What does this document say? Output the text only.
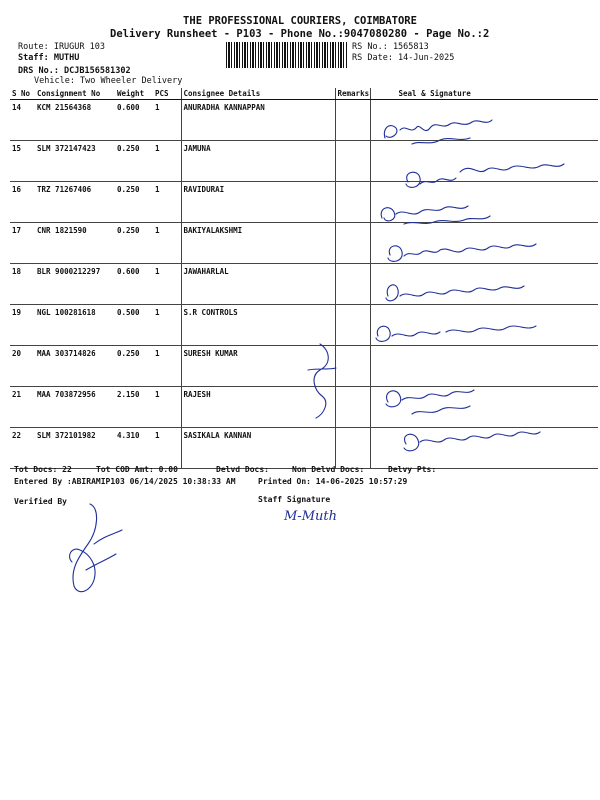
THE PROFESSIONAL COURIERS, COIMBATORE
Delivery Runsheet - P103 - Phone No.:9047080280 - Page No.:2
Route: IRUGUR 103
Staff: MUTHU
DRS No.: DCJB156581302
Vehicle: Two Wheeler Delivery
RS No.: 1565813
RS Date: 14-Jun-2025
S No	Consignment No	Weight	PCS	Consignee Details	Remarks	Seal & Signature
14	KCM 21564368	0.600	1	ANURADHA KANNAPPAN		
15	SLM 372147423	0.250	1	JAMUNA		
16	TRZ 71267406	0.250	1	RAVIDURAI		
17	CNR 1821590	0.250	1	BAKIYALAKSHMI		
18	BLR 9000212297	0.600	1	JAWAHARLAL		
19	NGL 100281618	0.500	1	S.R CONTROLS		
20	MAA 303714826	0.250	1	SURESH KUMAR		
21	MAA 703872956	2.150	1	RAJESH		
22	SLM 372101982	4.310	1	SASIKALA KANNAN		
Tot Docs: 22	Tot COD Amt: 0.00	Delvd Docs:	Non Delvd Docs:	Delvy Pts:
Entered By :ABIRAMIP103 06/14/2025 10:38:33 AM	Printed On: 14-06-2025 10:57:29
Verified By	Staff Signature
M-Muth
